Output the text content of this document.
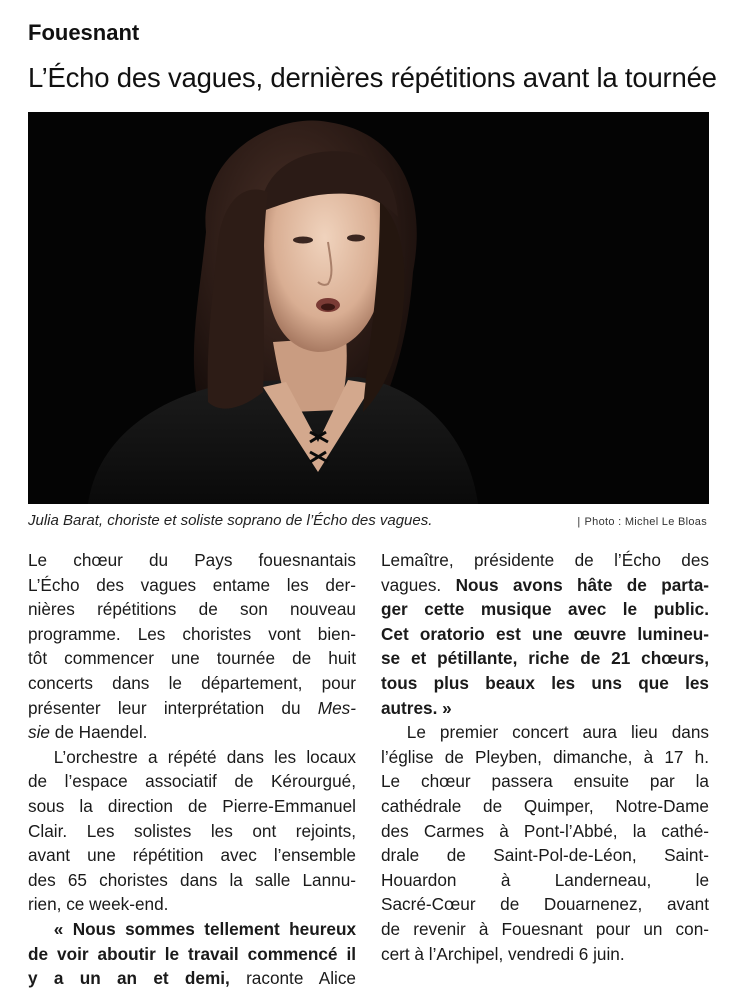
Fouesnant
L’Écho des vagues, dernières répétitions avant la tournée
Julia Barat, choriste et soliste soprano de l’Écho des vagues.	| Photo : Michel Le Bloas
Le chœur du Pays fouesnantais
L’Écho des vagues entame les der-
nières répétitions de son nouveau
programme. Les choristes vont bien-
tôt commencer une tournée de huit
concerts dans le département, pour
présenter leur interprétation du Mes-
sie de Haendel.
  L’orchestre a répété dans les locaux
de l’espace associatif de Kérourgué,
sous la direction de Pierre-Emmanuel
Clair. Les solistes les ont rejoints,
avant une répétition avec l’ensemble
des 65 choristes dans la salle Lannu-
rien, ce week-end.
  « Nous sommes tellement heureux
de voir aboutir le travail commencé il
y a un an et demi, raconte Alice
Lemaître, présidente de l’Écho des
vagues. Nous avons hâte de parta-
ger cette musique avec le public.
Cet oratorio est une œuvre lumineu-
se et pétillante, riche de 21 chœurs,
tous plus beaux les uns que les
autres. »
  Le premier concert aura lieu dans
l’église de Pleyben, dimanche, à 17 h.
Le chœur passera ensuite par la
cathédrale de Quimper, Notre-Dame
des Carmes à Pont-l’Abbé, la cathé-
drale de Saint-Pol-de-Léon, Saint-
Houardon à Landerneau, le
Sacré-Cœur de Douarnenez, avant
de revenir à Fouesnant pour un con-
cert à l’Archipel, vendredi 6 juin.
